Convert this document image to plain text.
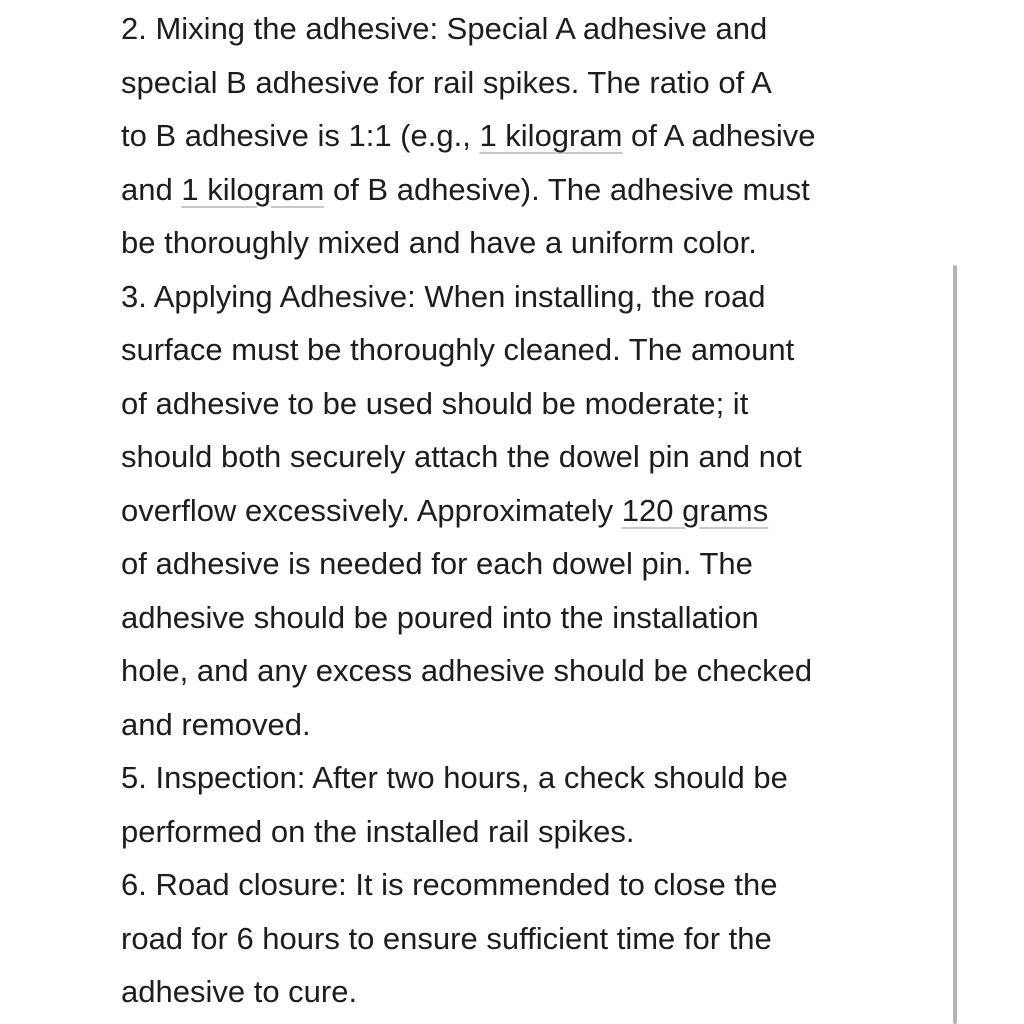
2. Mixing the adhesive: Special A adhesive and
special B adhesive for rail spikes. The ratio of A
to B adhesive is 1:1 (e.g., 1 kilogram of A adhesive
and 1 kilogram of B adhesive). The adhesive must
be thoroughly mixed and have a uniform color.
3. Applying Adhesive: When installing, the road
surface must be thoroughly cleaned. The amount
of adhesive to be used should be moderate; it
should both securely attach the dowel pin and not
overflow excessively. Approximately 120 grams
of adhesive is needed for each dowel pin. The
adhesive should be poured into the installation
hole, and any excess adhesive should be checked
and removed.
5. Inspection: After two hours, a check should be
performed on the installed rail spikes.
6. Road closure: It is recommended to close the
road for 6 hours to ensure sufficient time for the
adhesive to cure.
